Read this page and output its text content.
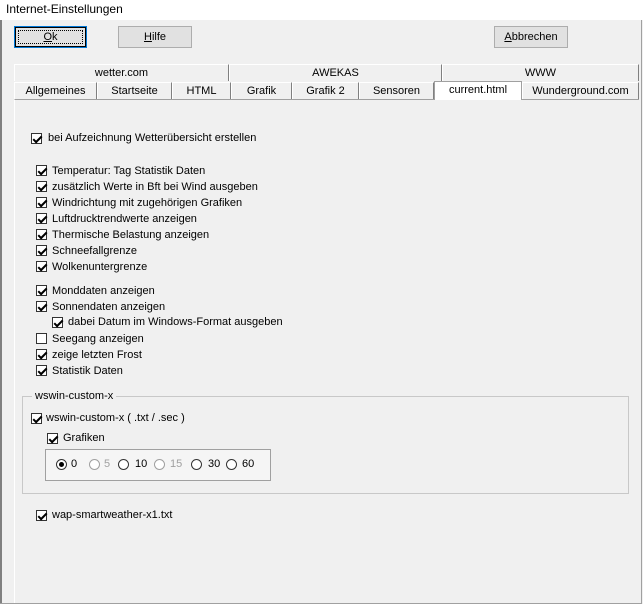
Internet-Einstellungen
Ok	Hilfe	Abbrechen
wetter.com	AWEKAS	WWW
Allgemeines	Startseite	HTML	Grafik	Grafik 2	Sensoren	current.html	Wunderground.com
bei Aufzeichnung Wetterübersicht erstellen
Temperatur: Tag Statistik Daten
zusätzlich Werte in Bft bei Wind ausgeben
Windrichtung mit zugehörigen Grafiken
Luftdrucktrendwerte anzeigen
Thermische Belastung anzeigen
Schneefallgrenze
Wolkenuntergrenze
Monddaten anzeigen
Sonnendaten anzeigen
dabei Datum im Windows-Format ausgeben
Seegang anzeigen
zeige letzten Frost
Statistik Daten
wswin-custom-x
wswin-custom-x ( .txt / .sec )
Grafiken
0 5 10 15 30 60
wap-smartweather-x1.txt
